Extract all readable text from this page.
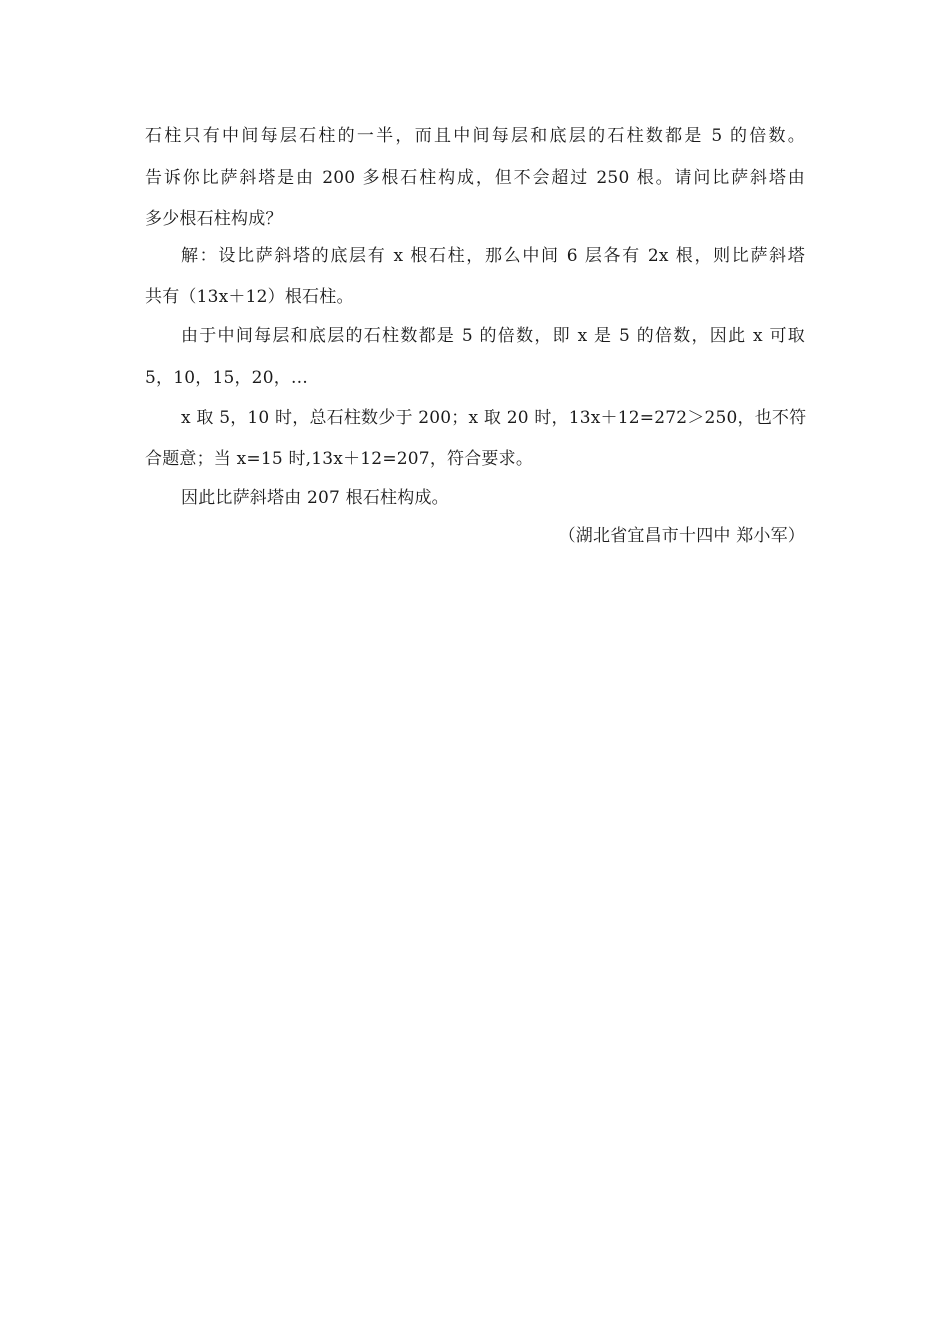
石柱只有中间每层石柱的一半，而且中间每层和底层的石柱数都是 5 的倍数。
告诉你比萨斜塔是由 200 多根石柱构成，但不会超过 250 根。请问比萨斜塔由
多少根石柱构成？
解：设比萨斜塔的底层有 x 根石柱，那么中间 6 层各有 2x 根，则比萨斜塔
共有（13x＋12）根石柱。
由于中间每层和底层的石柱数都是 5 的倍数，即 x 是 5 的倍数，因此 x 可取
5，10，15，20，…
x 取 5，10 时，总石柱数少于 200；x 取 20 时，13x＋12=272＞250，也不符
合题意；当 x=15 时,13x＋12=207，符合要求。
因此比萨斜塔由 207 根石柱构成。
（湖北省宜昌市十四中 郑小军）
